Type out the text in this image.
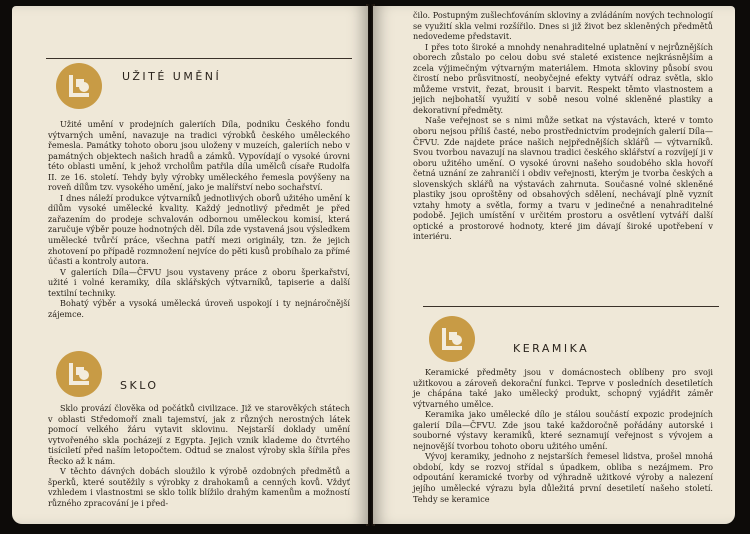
UŽITÉ UMĚNÍ

Užité umění v prodejních galeriích Díla, podniku Českého fondu výtvarných umění, navazuje na tradici výrobků českého uměleckého řemesla. Památky tohoto oboru jsou uloženy v muzeích, galeriích nebo v památných objektech našich hradů a zámků. Vypovídají o vysoké úrovni této oblasti umění, k jehož vrcholům patřila díla umělců císaře Rudolfa II. ze 16. století. Tehdy byly výrobky uměleckého řemesla povýšeny na roveň dílům tzv. vysokého umění, jako je malířství nebo sochařství.

I dnes náleží produkce výtvarníků jednotlivých oborů užitého umění k dílům vysoké umělecké kvality. Každý jednotlivý předmět je před zařazením do prodeje schvalován odbornou uměleckou komisí, která zaručuje výběr pouze hodnotných děl. Díla zde vystavená jsou výsledkem umělecké tvůrčí práce, všechna patří mezi originály, tzn. že jejich zhotovení po případě rozmnožení nejvíce do pěti kusů probíhalo za přímé účasti a kontroly autora.

V galeriích Díla—ČFVU jsou vystaveny práce z oboru šperkařství, užité i volné keramiky, díla sklářských výtvarníků, tapiserie a další textilní techniky.

Bohatý výběr a vysoká umělecká úroveň uspokojí i ty nejnáročnější zájemce.

SKLO

Sklo provází člověka od počátků civilizace. Již ve starověkých státech v oblasti Středomoří znali tajemství, jak z různých nerostných látek pomocí velkého žáru vytavit sklovinu. Nejstarší doklady umění vytvořeného skla pocházejí z Egypta. Jejich vznik klademe do čtvrtého tisíciletí před naším letopočtem. Odtud se znalost výroby skla šířila přes Řecko až k nám.

V těchto dávných dobách sloužilo k výrobě ozdobných předmětů a šperků, které soutěžily s výrobky z drahokamů a cenných kovů. Vždyť vzhledem i vlastnostmi se sklo tolik blížilo drahým kamenům a možností různého zpracování je i před-

čilo. Postupným zušlechťováním skloviny a zvládáním nových technologií se využití skla velmi rozšířilo. Dnes si již život bez skleněných předmětů nedovedeme představit.

I přes toto široké a mnohdy nenahraditelné uplatnění v nejrůznějších oborech zůstalo po celou dobu své staleté existence nejkrásnějším a zcela výjimečným výtvarným materiálem. Hmota skloviny působí svou čirostí nebo průsvitností, neobyčejné efekty vytváří odraz světla, sklo můžeme vrstvit, řezat, brousit i barvit. Respekt těmto vlastnostem a jejich nejbohatší využití v sobě nesou volné skleněné plastiky a dekorativní předměty.

Naše veřejnost se s nimi může setkat na výstavách, které v tomto oboru nejsou příliš časté, nebo prostřednictvím prodejních galerií Díla—ČFVU. Zde najdete práce našich nejpřednějších sklářů — výtvarníků. Svou tvorbou navazují na slavnou tradici českého sklářství a rozvíjejí ji v oboru užitého umění. O vysoké úrovni našeho soudobého skla hovoří četná uznání ze zahraničí i obdiv veřejnosti, kterým je tvorba českých a slovenských sklářů na výstavách zahrnuta. Současné volné skleněné plastiky jsou oproštěny od obsahových sdělení, nechávají plně vyznít vztahy hmoty a světla, formy a tvaru v jedinečné a nenahraditelné podobě. Jejich umístění v určitém prostoru a osvětlení vytváří další optické a prostorové hodnoty, které jim dávají široké upotřebení v interiéru.

KERAMIKA

Keramické předměty jsou v domácnostech oblíbeny pro svoji užitkovou a zároveň dekorační funkci. Teprve v posledních desetiletích je chápána také jako umělecký produkt, schopný vyjádřit záměr výtvarného umělce.

Keramika jako umělecké dílo je stálou součástí expozic prodejních galerií Díla—ČFVU. Zde jsou také každoročně pořádány autorské i souborné výstavy keramiků, které seznamují veřejnost s vývojem a nejnovější tvorbou tohoto oboru užitého umění.

Vývoj keramiky, jednoho z nejstarších řemesel lidstva, prošel mnohá období, kdy se rozvoj střídal s úpadkem, obliba s nezájmem. Pro odpoutání keramické tvorby od výhradně užitkové výroby a nalezení jejího umělecké výrazu byla důležitá první desetiletí našeho století. Tehdy se keramice
